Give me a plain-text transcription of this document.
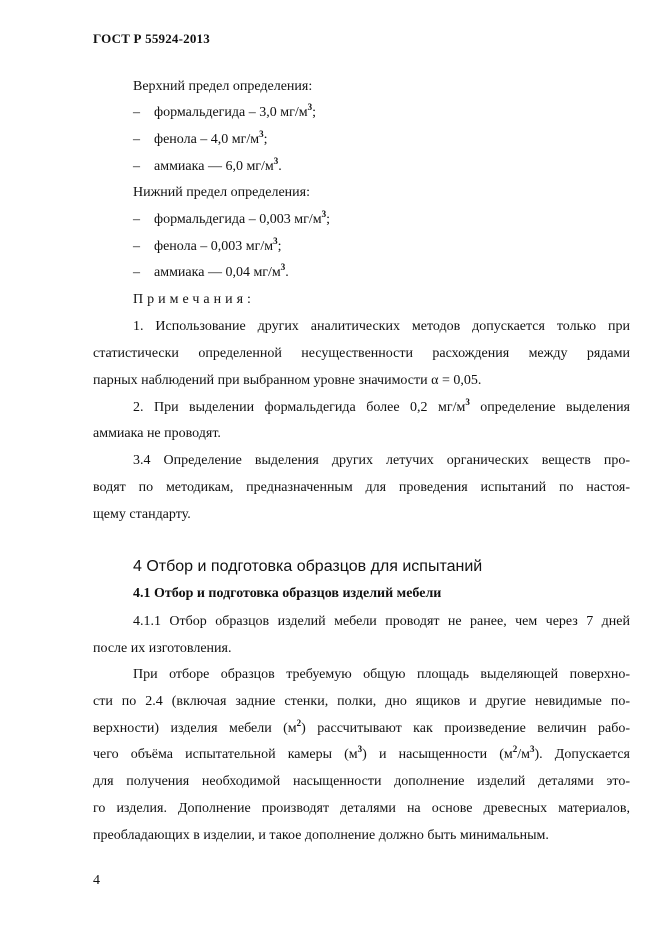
ГОСТ Р 55924-2013
Верхний предел определения:
– формальдегида – 3,0 $мг/м^3$;
– фенола – 4,0 $мг/м^3$;
– аммиака — 6,0 $мг/м^3$.
Нижний предел определения:
– формальдегида – 0,003 $мг/м^3$;
– фенола – 0,003 $мг/м^3$;
– аммиака — 0,04 $мг/м^3$.
Примечания:
1. Использование других аналитических методов допускается только при
статистически определенной несущественности расхождения между рядами
парных наблюдений при выбранном уровне значимости α = 0,05.
2. При выделении формальдегида более 0,2 $мг/м^3$ определение выделения
аммиака не проводят.
3.4 Определение выделения других летучих органических веществ про-
водят по методикам, предназначенным для проведения испытаний по настоя-
щему стандарту.
4 Отбор и подготовка образцов для испытаний
4.1 Отбор и подготовка образцов изделий мебели
4.1.1 Отбор образцов изделий мебели проводят не ранее, чем через 7 дней
после их изготовления.
При отборе образцов требуемую общую площадь выделяющей поверхно-
сти по 2.4 (включая задние стенки, полки, дно ящиков и другие невидимые по-
верхности) изделия мебели $(м^2)$ рассчитывают как произведение величин рабо-
чего объёма испытательной камеры $(м^3)$ и насыщенности $(м^2/м^3)$. Допускается
для получения необходимой насыщенности дополнение изделий деталями это-
го изделия. Дополнение производят деталями на основе древесных материалов,
преобладающих в изделии, и такое дополнение должно быть минимальным.
4
